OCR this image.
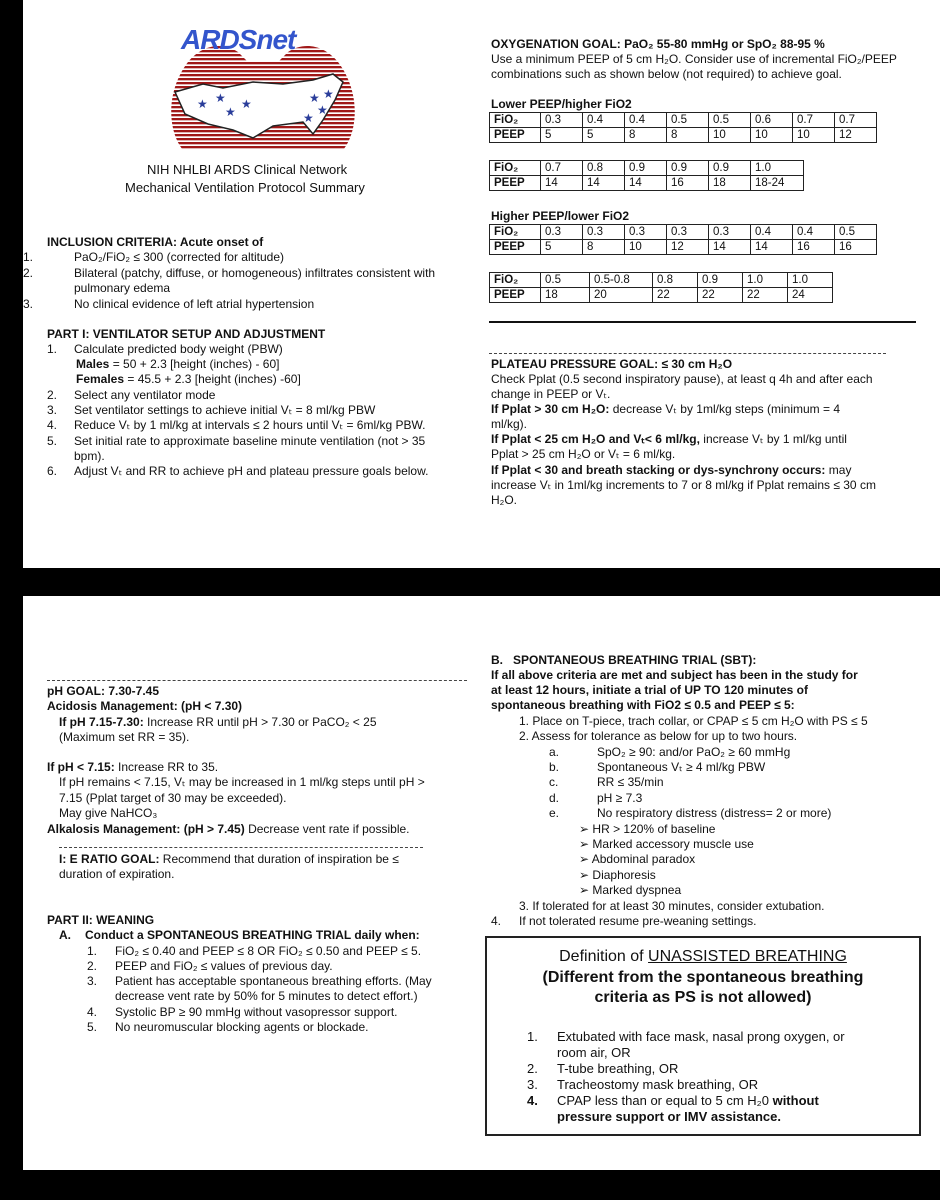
★ ★ ★
★	★
★ ★
★
ARDSnet
NIH NHLBI ARDS Clinical Network
Mechanical Ventilation Protocol Summary
INCLUSION CRITERIA: Acute onset of
1.	PaO₂/FiO₂ ≤ 300 (corrected for altitude)
2.	Bilateral (patchy, diffuse, or homogeneous) infiltrates consistent with
pulmonary edema
3.	No clinical evidence of left atrial hypertension
PART I: VENTILATOR SETUP AND ADJUSTMENT
1. Calculate predicted body weight (PBW)
Males = 50 + 2.3 [height (inches) - 60]
Females = 45.5 + 2.3 [height (inches) -60]
2. Select any ventilator mode
3. Set ventilator settings to achieve initial Vₜ = 8 ml/kg PBW
4. Reduce Vₜ by 1 ml/kg at intervals ≤ 2 hours until Vₜ = 6ml/kg PBW.
5. Set initial rate to approximate baseline minute ventilation (not > 35
bpm).
6. Adjust Vₜ and RR to achieve pH and plateau pressure goals below.
OXYGENATION GOAL: PaO₂ 55-80 mmHg or SpO₂ 88-95 %
Use a minimum PEEP of 5 cm H₂O. Consider use of incremental FiO₂/PEEP
combinations such as shown below (not required) to achieve goal.
Lower PEEP/higher FiO2
FiO₂	0.3	0.4	0.4	0.5	0.5	0.6	0.7	0.7
PEEP	5	5	8	8	10	10	10	12
FiO₂	0.7	0.8	0.9	0.9	0.9	1.0
PEEP	14	14	14	16	18	18-24
Higher PEEP/lower FiO2
FiO₂	0.3	0.3	0.3	0.3	0.3	0.4	0.4	0.5
PEEP	5	8	10	12	14	14	16	16
FiO₂	0.5	0.5-0.8	0.8	0.9	1.0	1.0
PEEP	18	20	22	22	22	24
PLATEAU PRESSURE GOAL: ≤ 30 cm H₂O
Check Pplat (0.5 second inspiratory pause), at least q 4h and after each
change in PEEP or Vₜ.
If Pplat > 30 cm H₂O: decrease Vₜ by 1ml/kg steps (minimum = 4
ml/kg).
If Pplat < 25 cm H₂O and Vₜ< 6 ml/kg, increase Vₜ by 1 ml/kg until
Pplat > 25 cm H₂O or Vₜ = 6 ml/kg.
If Pplat < 30 and breath stacking or dys-synchrony occurs: may
increase Vₜ in 1ml/kg increments to 7 or 8 ml/kg if Pplat remains ≤ 30 cm
H₂O.
pH GOAL: 7.30-7.45
Acidosis Management: (pH < 7.30)
If pH 7.15-7.30: Increase RR until pH > 7.30 or PaCO₂ < 25
(Maximum set RR = 35).
If pH < 7.15: Increase RR to 35.
If pH remains < 7.15, Vₜ may be increased in 1 ml/kg steps until pH >
7.15 (Pplat target of 30 may be exceeded).
May give NaHCO₃
Alkalosis Management: (pH > 7.45) Decrease vent rate if possible.
I: E RATIO GOAL: Recommend that duration of inspiration be ≤
duration of expiration.
PART II: WEANING
A. Conduct a SPONTANEOUS BREATHING TRIAL daily when:
1. FiO₂ ≤ 0.40 and PEEP ≤ 8 OR FiO₂ ≤ 0.50 and PEEP ≤ 5.
2. PEEP and FiO₂ ≤ values of previous day.
3. Patient has acceptable spontaneous breathing efforts. (May
decrease vent rate by 50% for 5 minutes to detect effort.)
4. Systolic BP ≥ 90 mmHg without vasopressor support.
5. No neuromuscular blocking agents or blockade.
B.   SPONTANEOUS BREATHING TRIAL (SBT):
If all above criteria are met and subject has been in the study for
at least 12 hours, initiate a trial of UP TO 120 minutes of
spontaneous breathing with FiO2 ≤ 0.5 and PEEP ≤ 5:
1. Place on T-piece, trach collar, or CPAP ≤ 5 cm H₂O with PS ≤ 5
2. Assess for tolerance as below for up to two hours.
a.	SpO₂ ≥ 90: and/or PaO₂ ≥ 60 mmHg
b.	Spontaneous Vₜ ≥ 4 ml/kg PBW
c.	RR ≤ 35/min
d.	pH ≥ 7.3
e.	No respiratory distress (distress= 2 or more)
➢ HR > 120% of baseline
➢ Marked accessory muscle use
➢ Abdominal paradox
➢ Diaphoresis
➢ Marked dyspnea
3. If tolerated for at least 30 minutes, consider extubation.
4. If not tolerated resume pre-weaning settings.
Definition of UNASSISTED BREATHING
(Different from the spontaneous breathing
criteria as PS is not allowed)
1. Extubated with face mask, nasal prong oxygen, or
room air, OR
2. T-tube breathing, OR
3. Tracheostomy mask breathing, OR
4. CPAP less than or equal to 5 cm H₂0 without
pressure support or IMV assistance.
